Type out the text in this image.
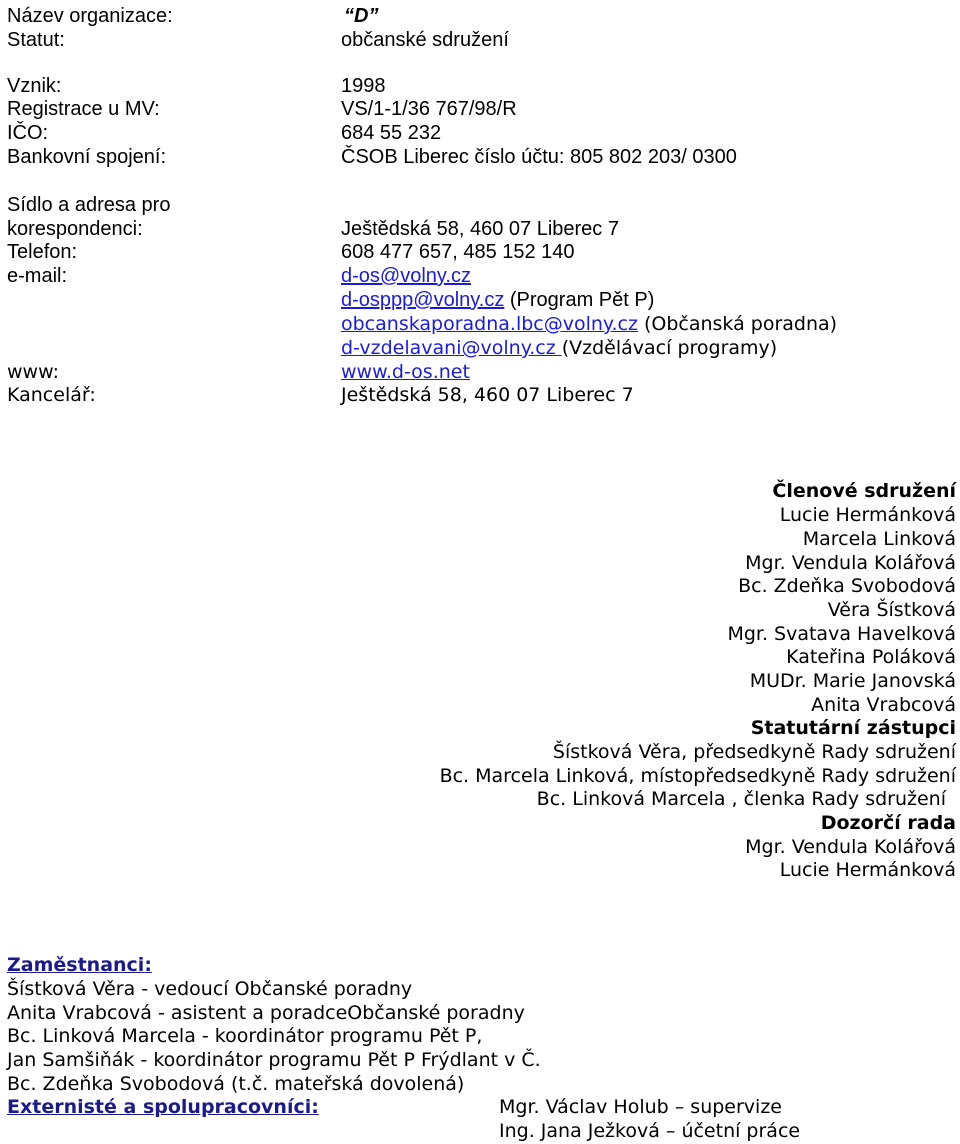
Název organizace:	“D”
Statut:	občanské sdružení
Vznik:	1998
Registrace u MV:	VS/1-1/36 767/98/R
IČO:	684 55 232
Bankovní spojení:	ČSOB Liberec číslo účtu: 805 802 203/ 0300
Sídlo a adresa pro
korespondenci:	Ještědská 58, 460 07 Liberec 7
Telefon:	608 477 657, 485 152 140
e-mail:	d-os@volny.cz
d-osppp@volny.cz (Program Pět P)
obcanskaporadna.lbc@volny.cz (Občanská poradna)
d-vzdelavani@volny.cz (Vzdělávací programy)
www:	www.d-os.net
Kancelář:	Ještědská 58, 460 07 Liberec 7
Členové sdružení
Lucie Hermánková
Marcela Linková
Mgr. Vendula Kolářová
Bc. Zdeňka Svobodová
Věra Šístková
Mgr. Svatava Havelková
Kateřina Poláková
MUDr. Marie Janovská
Anita Vrabcová
Statutární zástupci
Šístková Věra, předsedkyně Rady sdružení
Bc. Marcela Linková, místopředsedkyně Rady sdružení
Bc. Linková Marcela , členka Rady sdružení
Dozorčí rada
Mgr. Vendula Kolářová
Lucie Hermánková
Zaměstnanci:
Šístková Věra - vedoucí Občanské poradny
Anita Vrabcová - asistent a poradceObčanské poradny
Bc. Linková Marcela - koordinátor programu Pět P,
Jan Samšiňák - koordinátor programu Pět P Frýdlant v Č.
Bc. Zdeňka Svobodová (t.č. mateřská dovolená)
Externisté a spolupracovníci:	Mgr. Václav Holub – supervize
Ing. Jana Ježková – účetní práce
